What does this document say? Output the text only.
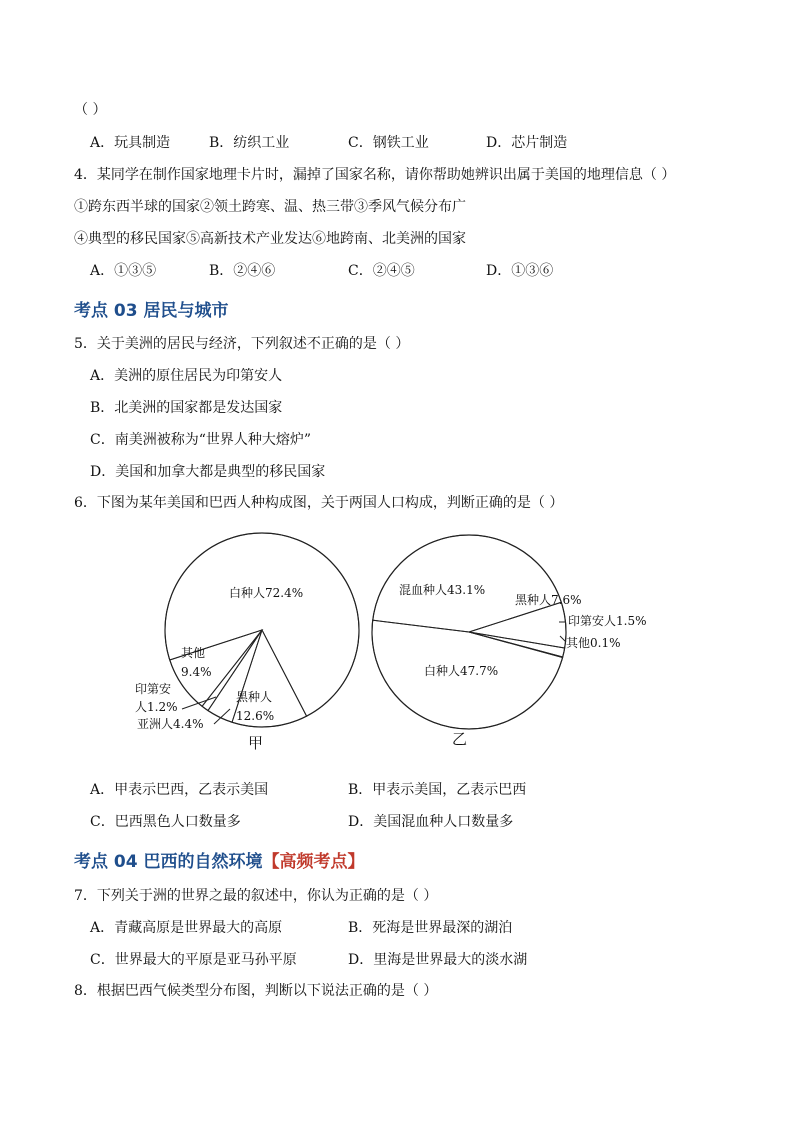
（ ）
A．玩具制造	B．纺织工业	C．钢铁工业	D．芯片制造
4．某同学在制作国家地理卡片时，漏掉了国家名称，请你帮助她辨识出属于美国的地理信息（ ）
①跨东西半球的国家②领土跨寒、温、热三带③季风气候分布广
④典型的移民国家⑤高新技术产业发达⑥地跨南、北美洲的国家
A．①③⑤	B．②④⑥	C．②④⑤	D．①③⑥
考点 03 居民与城市
5．关于美洲的居民与经济，下列叙述不正确的是（ ）
A．美洲的原住居民为印第安人
B．北美洲的国家都是发达国家
C．南美洲被称为“世界人种大熔炉”
D．美国和加拿大都是典型的移民国家
6．下图为某年美国和巴西人种构成图，关于两国人口构成，判断正确的是（ ）
白种人72.4%
其他
9.4%
印第安
人1.2%
亚洲人4.4%
黑种人
12.6%
甲
混血种人43.1%
黑种人7.6%
印第安人1.5%
其他0.1%
白种人47.7%
乙
A．甲表示巴西，乙表示美国	B．甲表示美国，乙表示巴西
C．巴西黑色人口数量多	D．美国混血种人口数量多
考点 04 巴西的自然环境【高频考点】
7．下列关于洲的世界之最的叙述中，你认为正确的是（ ）
A．青藏高原是世界最大的高原	B．死海是世界最深的湖泊
C．世界最大的平原是亚马孙平原	D．里海是世界最大的淡水湖
8．根据巴西气候类型分布图，判断以下说法正确的是（ ）
